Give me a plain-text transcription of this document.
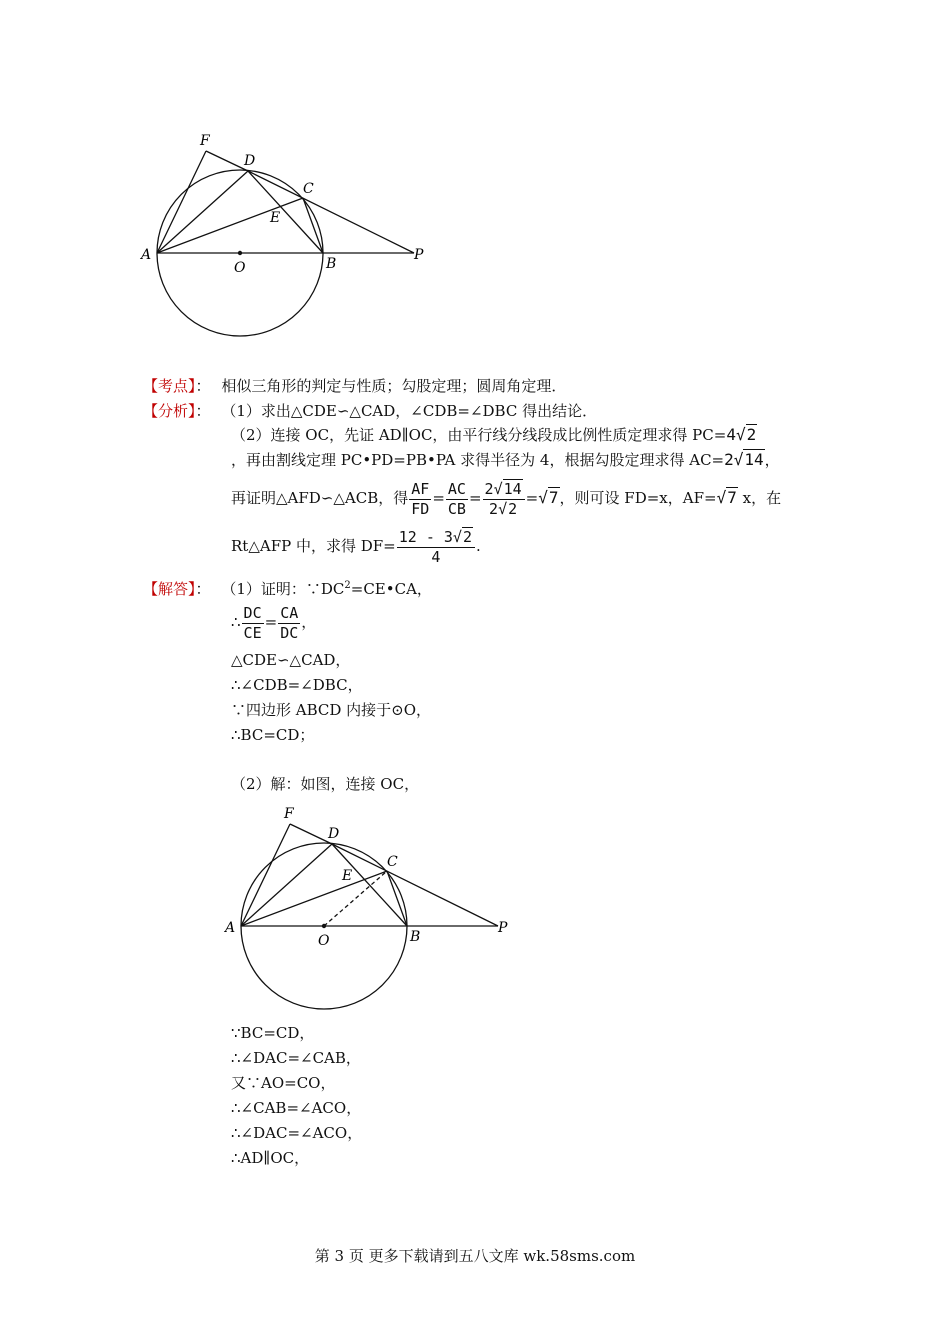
F
D
C
E
A
O	B
P
【考点】： 相似三角形的判定与性质；勾股定理；圆周角定理．
【分析】： （1）求出△CDE∽△CAD，∠CDB=∠DBC 得出结论．
（2）连接 OC，先证 AD∥OC，由平行线分线段成比例性质定理求得 PC=4√2
，再由割线定理 PC•PD=PB•PA 求得半径为 4，根据勾股定理求得 AC=2√14，
再证明△AFD∽△ACB，得 $\frac{AF}{FD} = \frac{AC}{CB} = \frac{2√14}{2√2} =√7$，则可设 FD=x，AF=√7 x，在
Rt△AFP 中，求得 $DF= \frac{12 - 3√2}{4}$ .
【解答】： （1）证明：$\because DC^2=CE•CA$，
∴ $\frac{DC}{CE} = \frac{CA}{DC}$ ，
△CDE∽△CAD，
∴∠CDB=∠DBC，
∵四边形 ABCD 内接于⊙O，
∴BC=CD；
（2）解：如图，连接 OC，
F
D
C
E
A
O	B
P
∵BC=CD，
∴∠DAC=∠CAB，
又∵AO=CO，
∴∠CAB=∠ACO，
∴∠DAC=∠ACO，
∴AD∥OC，
第 3 页 更多下载请到五八文库 wk.58sms.com
